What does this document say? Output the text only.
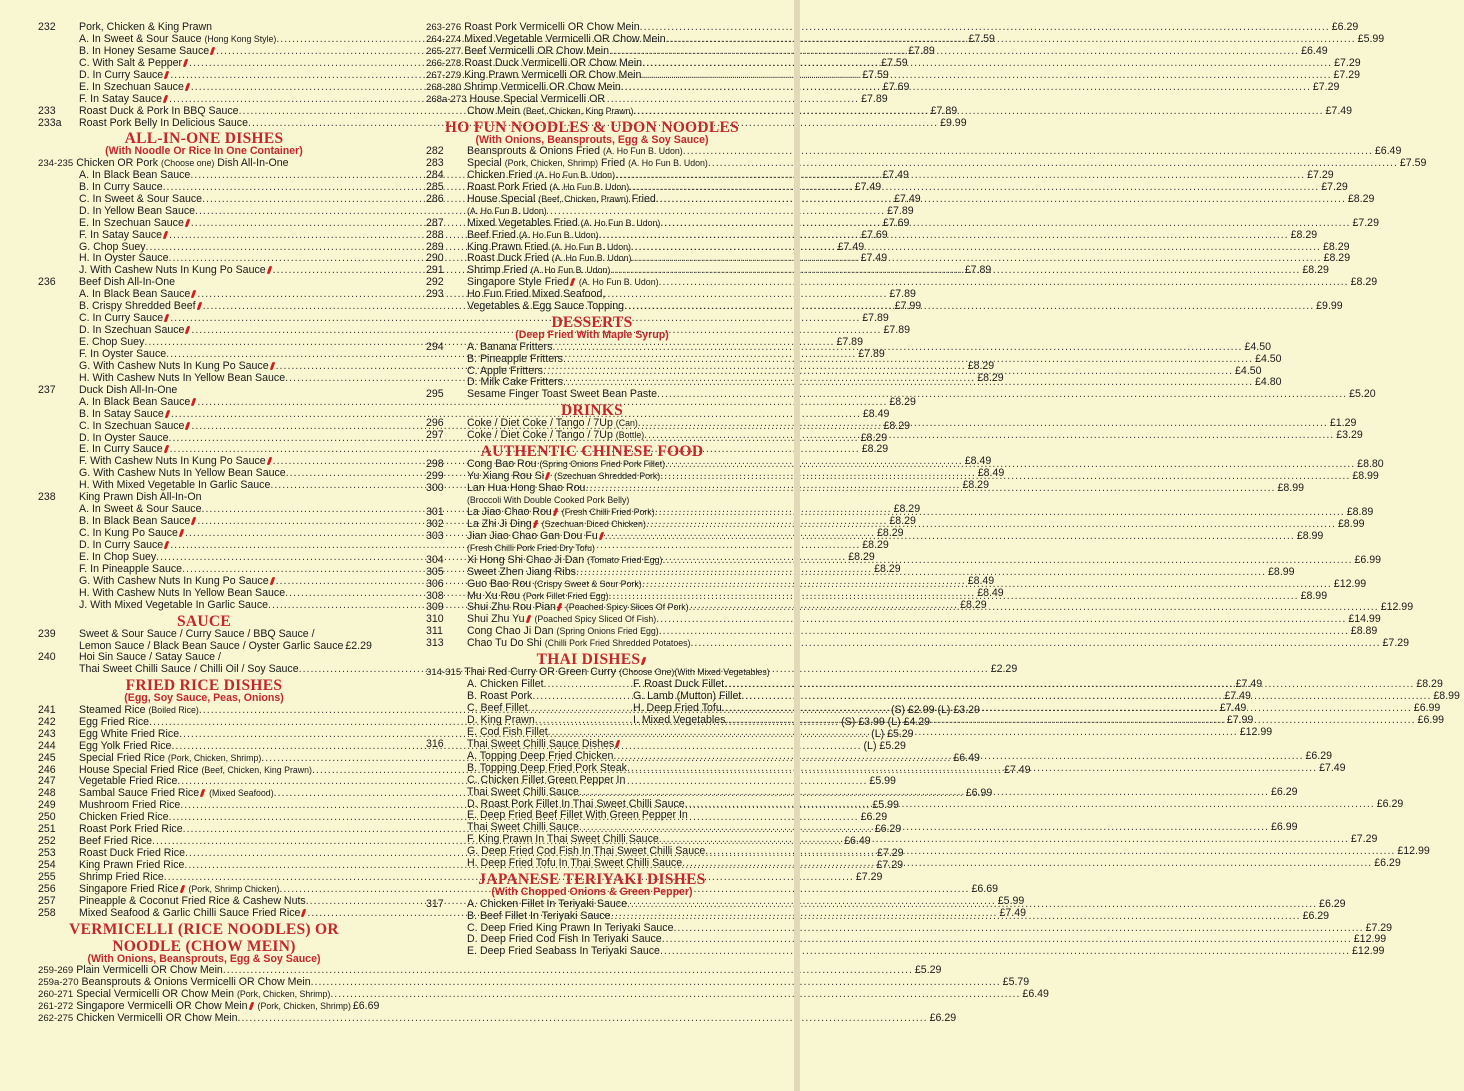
232	Pork, Chicken & King Prawn
A. In Sweet & Sour Sauce (Hong Kong Style) .....	£7.59
B. In Honey Sesame Sauce .....	£7.89
C. With Salt & Pepper .....	£7.59
D. In Curry Sauce .....	£7.59
E. In Szechuan Sauce .....	£7.69
F. In Satay Sauce .....	£7.89
233	Roast Duck & Pork In BBQ Sauce .....	£7.89
233a	Roast Pork Belly In Delicious Sauce .....	£9.99
ALL-IN-ONE DISHES
(With Noodle Or Rice In One Container)
234-235 Chicken OR Pork (Choose one) Dish All-In-One
A. In Black Bean Sauce .....	£7.49
B. In Curry Sauce .....	£7.49
C. In Sweet & Sour Sauce .....	£7.49
D. In Yellow Bean Sauce .....	£7.89
E. In Szechuan Sauce .....	£7.69
F. In Satay Sauce .....	£7.69
G. Chop Suey .....	£7.49
H. In Oyster Sauce .....	£7.49
J. With Cashew Nuts In Kung Po Sauce .....	£7.89
236	Beef Dish All-In-One
A. In Black Bean Sauce .....	£7.89
B. Crispy Shredded Beef .....	£7.99
C. In Curry Sauce .....	£7.89
D. In Szechuan Sauce .....	£7.89
E. Chop Suey .....	£7.89
F. In Oyster Sauce .....	£7.89
G. With Cashew Nuts In Kung Po Sauce .....	£8.29
H. With Cashew Nuts In Yellow Bean Sauce .....	£8.29
237	Duck Dish All-In-One
A. In Black Bean Sauce .....	£8.29
B. In Satay Sauce .....	£8.49
C. In Szechuan Sauce .....	£8.29
D. In Oyster Sauce .....	£8.29
E. In Curry Sauce .....	£8.29
F. With Cashew Nuts In Kung Po Sauce .....	£8.49
G. With Cashew Nuts In Yellow Bean Sauce .....	£8.49
H. With Mixed Vegetable In Garlic Sauce .....	£8.29
238	King Prawn Dish All-In-On
A. In Sweet & Sour Sauce .....	£8.29
B. In Black Bean Sauce .....	£8.29
C. In Kung Po Sauce .....	£8.29
D. In Curry Sauce .....	£8.29
E. In Chop Suey .....	£8.29
F. In Pineapple Sauce .....	£8.29
G. With Cashew Nuts In Kung Po Sauce .....	£8.49
H. With Cashew Nuts In Yellow Bean Sauce .....	£8.49
J. With Mixed Vegetable In Garlic Sauce .....	£8.29
SAUCE
239	Sweet & Sour Sauce / Curry Sauce / BBQ Sauce /
Lemon Sauce / Black Bean Sauce / Oyster Garlic Sauce £2.29
240	Hoi Sin Sauce / Satay Sauce /
Thai Sweet Chilli Sauce / Chilli Oil / Soy Sauce .....	£2.29
FRIED RICE DISHES
(Egg, Soy Sauce, Peas, Onions)
241	Steamed Rice (Boiled Rice) .....	(S) £2.99 (L) £3.29
242	Egg Fried Rice .....	(S) £3.99 (L) £4.29
243	Egg White Fried Rice .....	(L) £5.29
244	Egg Yolk Fried Rice .....	(L) £5.29
245	Special Fried Rice (Pork, Chicken, Shrimp) .....	£6.49
246	House Special Fried Rice (Beef, Chicken, King Prawn) .....	£7.49
247	Vegetable Fried Rice .....	£5.99
248	Sambal Sauce Fried Rice (Mixed Seafood) .....	£6.99
249	Mushroom Fried Rice .....	£5.99
250	Chicken Fried Rice .....	£6.29
251	Roast Pork Fried Rice .....	£6.29
252	Beef Fried Rice .....	£6.49
253	Roast Duck Fried Rice .....	£7.29
254	King Prawn Fried Rice .....	£7.29
255	Shrimp Fried Rice .....	£7.29
256	Singapore Fried Rice (Pork, Shrimp Chicken) .....	£6.69
257	Pineapple & Coconut Fried Rice & Cashew Nuts .....	£5.99
258	Mixed Seafood & Garlic Chilli Sauce Fried Rice .....	£7.49
VERMICELLI (RICE NOODLES) OR
NOODLE (CHOW MEIN)
(With Onions, Beansprouts, Egg & Soy Sauce)
259-269 Plain Vermicelli OR Chow Mein .....	£5.29
259a-270 Beansprouts & Onions Vermicelli OR Chow Mein .....	£5.79
260-271 Special Vermicelli OR Chow Mein (Pork, Chicken, Shrimp) .....	£6.49
261-272 Singapore Vermicelli OR Chow Mein (Pork, Chicken, Shrimp) £6.69
262-275 Chicken Vermicelli OR Chow Mein .....	£6.29
263-276 Roast Pork Vermicelli OR Chow Mein .....	£6.29
264-274 Mixed Vegetable Vermicelli OR Chow Mein .....	£5.99
265-277 Beef Vermicelli OR Chow Mein .....	£6.49
266-278 Roast Duck Vermicelli OR Chow Mein .....	£7.29
267-279 King Prawn Vermicelli OR Chow Mein .....	£7.29
268-280 Shrimp Vermicelli OR Chow Mein .....	£7.29
268a-273 House Special Vermicelli OR
Chow Mein (Beef, Chicken, King Prawn) .....	£7.49
HO FUN NOODLES & UDON NOODLES
(With Onions, Beansprouts, Egg & Soy Sauce)
282	Beansprouts & Onions Fried (A. Ho Fun B. Udon) .....	£6.49
283	Special (Pork, Chicken, Shrimp) Fried (A. Ho Fun B. Udon) .....	£7.59
284	Chicken Fried (A. Ho Fun B. Udon) .....	£7.29
285	Roast Pork Fried (A. Ho Fun B. Udon) .....	£7.29
286	House Special (Beef, Chicken, Prawn) Fried .....	£8.29
(A. Ho Fun B. Udon)
287	Mixed Vegetables Fried (A. Ho Fun B. Udon) .....	£7.29
288	Beef Fried (A. Ho Fun B. Udon) .....	£8.29
289	King Prawn Fried (A. Ho Fun B. Udon) .....	£8.29
290	Roast Duck Fried (A. Ho Fun B. Udon) .....	£8.29
291	Shrimp Fried (A. Ho Fun B. Udon) .....	£8.29
292	Singapore Style Fried (A. Ho Fun B. Udon) .....	£8.29
293	Ho Fun Fried Mixed Seafood,
Vegetables & Egg Sauce Topping .....	£9.99
DESSERTS
(Deep Fried With Maple Syrup)
294	A. Banana Fritters .....	£4.50
B. Pineapple Fritters .....	£4.50
C. Apple Fritters .....	£4.50
D. Milk Cake Fritters .....	£4.80
295	Sesame Finger Toast Sweet Bean Paste .....	£5.20
DRINKS
296	Coke / Diet Coke / Tango / 7Up (Can) .....	£1.29
297	Coke / Diet Coke / Tango / 7Up (Bottle) .....	£3.29
AUTHENTIC CHINESE FOOD
298	Cong Bao Rou (Spring Onions Fried Pork Fillet) .....	£8.80
299	Yu Xiang Rou Si (Szechuan Shredded Pork) .....	£8.99
300	Lan Hua Hong Shao Rou .....	£8.99
(Broccoli With Double Cooked Pork Belly)
301	La Jiao Chao Rou (Fresh Chilli Fried Pork) .....	£8.89
302	La Zhi Ji Ding (Szechuan Diced Chicken) .....	£8.99
303	Jian Jiao Chao Gan Dou Fu .....	£8.99
(Fresh Chilli Pork Fried Dry Tofu)
304	Xi Hong Shi Chao Ji Dan (Tomato Fried Egg) .....	£6.99
305	Sweet Zhen Jiang Ribs .....	£8.99
306	Guo Bao Rou (Crispy Sweet & Sour Pork) .....	£12.99
308	Mu Xu Rou (Pork Fillet Fried Egg) .....	£8.99
309	Shui Zhu Rou Pian (Poached Spicy Slices Of Pork) .....	£12.99
310	Shui Zhu Yu (Poached Spicy Sliced Of Fish) .....	£14.99
311	Cong Chao Ji Dan (Spring Onions Fried Egg) .....	£8.89
313	Chao Tu Do Shi (Chilli Pork Fried Shredded Potatoes) .....	£7.29
THAI DISHES
314-315 Thai Red Curry OR Green Curry (Choose One)(With Mixed Vegetables)
A. Chicken Fillet .....	£7.49
F. Roast Duck Fillet .....	£8.29
B. Roast Pork .....	£7.49
G. Lamb (Mutton) Fillet .....	£8.99
C. Beef Fillet .....	£7.49
H. Deep Fried Tofu .....	£6.99
D. King Prawn .....	£7.99
I. Mixed Vegetables .....	£6.99
E. Cod Fish Fillet .....	£12.99
316	Thai Sweet Chilli Sauce Dishes
A. Topping Deep Fried Chicken .....	£6.29
B. Topping Deep Fried Pork Steak .....	£7.49
C. Chicken Fillet Green Pepper In
Thai Sweet Chilli Sauce .....	£6.29
D. Roast Pork Fillet In Thai Sweet Chilli Sauce .....	£6.29
E. Deep Fried Beef Fillet With Green Pepper In
Thai Sweet Chilli Sauce .....	£6.99
F. King Prawn In Thai Sweet Chilli Sauce .....	£7.29
G. Deep Fried Cod Fish In Thai Sweet Chilli Sauce .....	£12.99
H. Deep Fried Tofu In Thai Sweet Chilli Sauce .....	£6.29
JAPANESE TERIYAKI DISHES
(With Chopped Onions & Green Pepper)
317	A. Chicken Fillet In Teriyaki Sauce .....	£6.29
B. Beef Fillet In Teriyaki Sauce .....	£6.29
C. Deep Fried King Prawn In Teriyaki Sauce .....	£7.29
D. Deep Fried Cod Fish In Teriyaki Sauce .....	£12.99
E. Deep Fried Seabass In Teriyaki Sauce .....	£12.99
